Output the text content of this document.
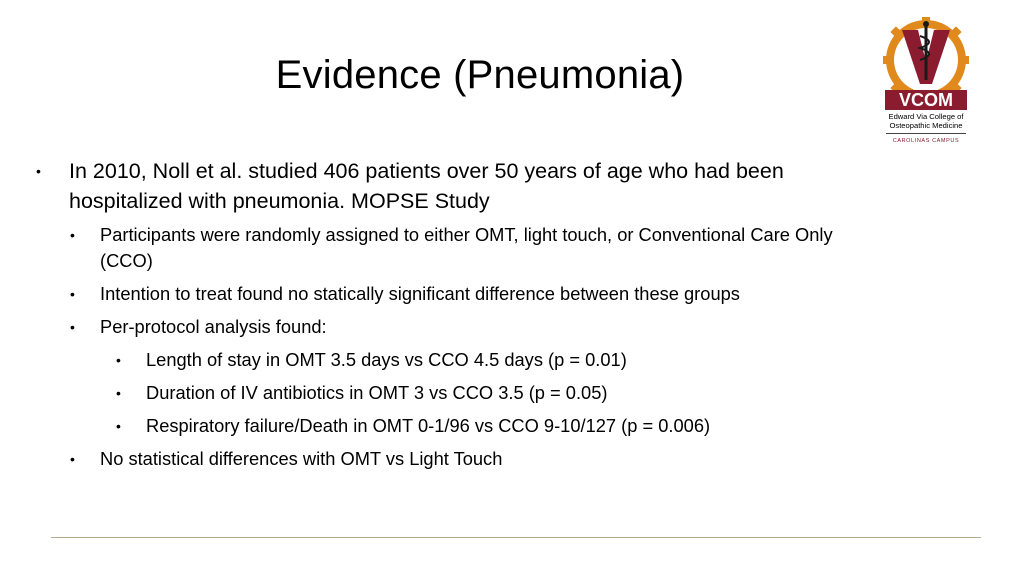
Evidence (Pneumonia)
VCOM
Edward Via College of
Osteopathic Medicine
CAROLINAS CAMPUS
• In 2010, Noll et al. studied 406 patients over 50 years of age who had been hospitalized with pneumonia. MOPSE Study
• Participants were randomly assigned to either OMT, light touch, or Conventional Care Only (CCO)
• Intention to treat found no statically significant difference between these groups
• Per-protocol analysis found:
• Length of stay in OMT 3.5 days vs CCO 4.5 days (p = 0.01)
• Duration of IV antibiotics in OMT 3 vs CCO 3.5 (p = 0.05)
• Respiratory failure/Death in OMT 0-1/96 vs CCO 9-10/127 (p = 0.006)
• No statistical differences with OMT vs Light Touch
